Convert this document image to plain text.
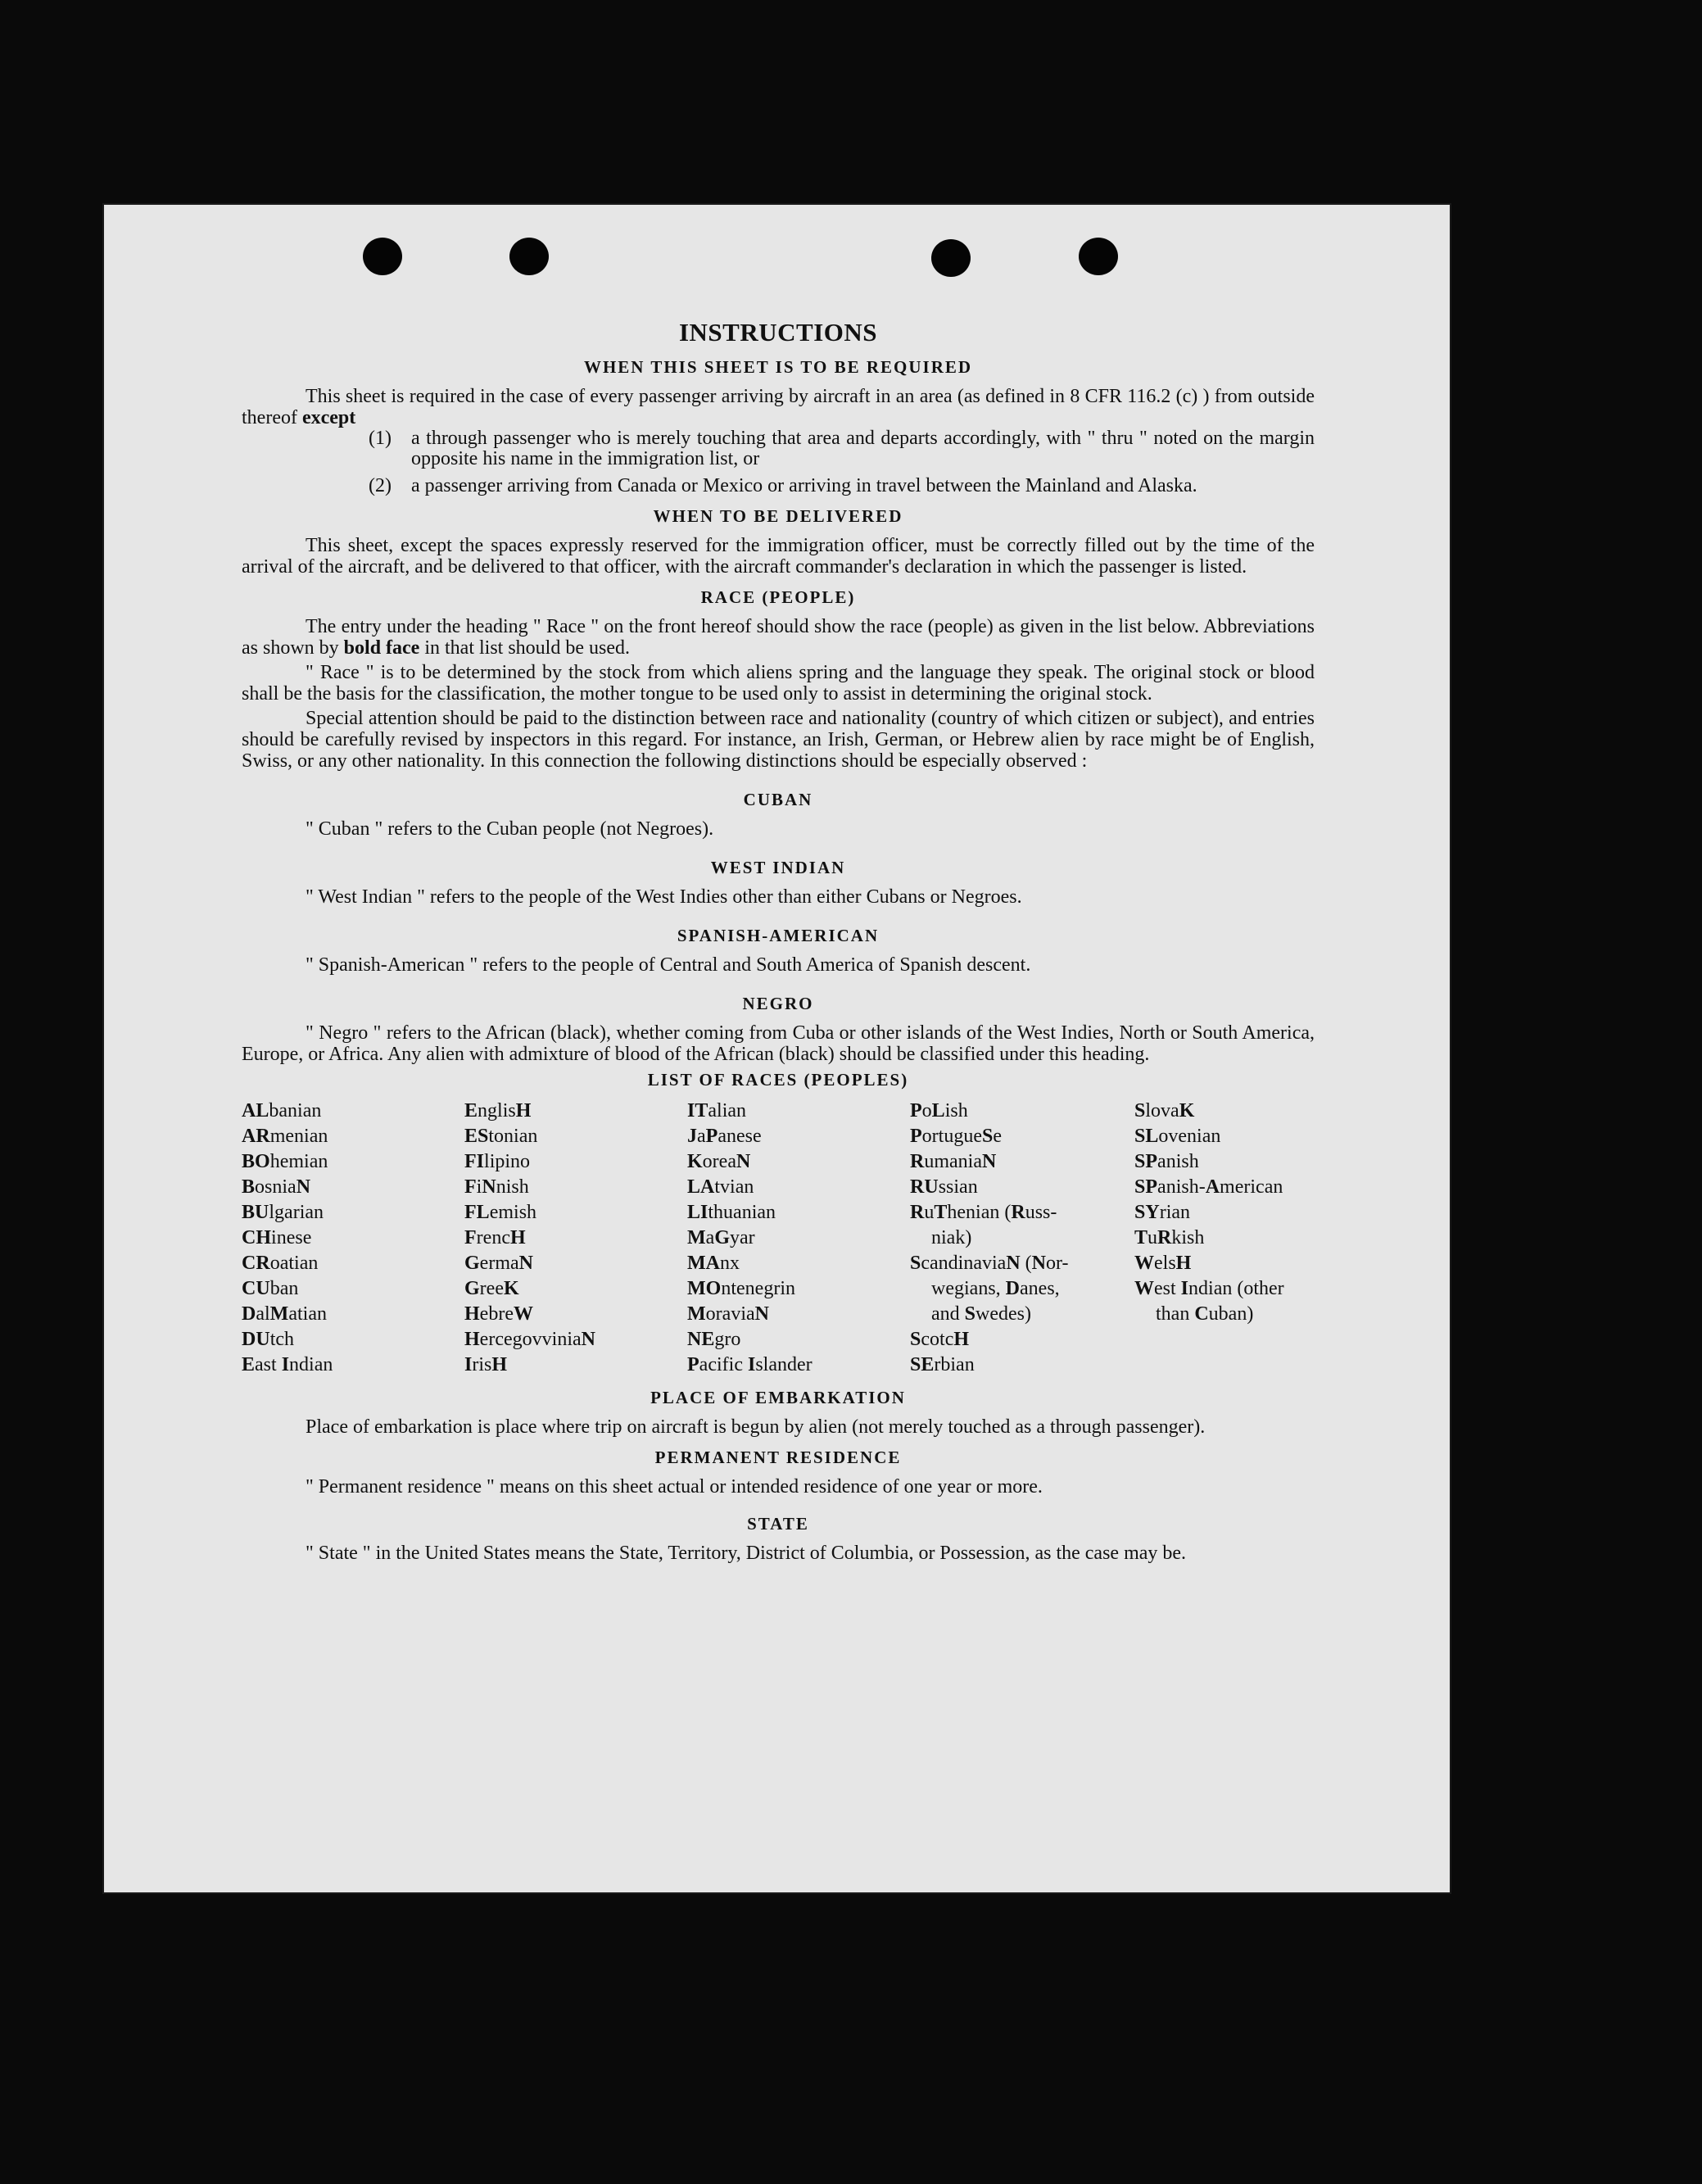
INSTRUCTIONS
WHEN THIS SHEET IS TO BE REQUIRED

This sheet is required in the case of every passenger arriving by aircraft in an area (as defined in 8 CFR 116.2 (c) ) from outside thereof except

(1)	a through passenger who is merely touching that area and departs accordingly, with " thru " noted on the margin opposite his name in the immigration list, or
(2)	a passenger arriving from Canada or Mexico or arriving in travel between the Mainland and Alaska.
WHEN TO BE DELIVERED

This sheet, except the spaces expressly reserved for the immigration officer, must be correctly filled out by the time of the arrival of the aircraft, and be delivered to that officer, with the aircraft commander's declaration in which the passenger is listed.

RACE (PEOPLE)

The entry under the heading " Race " on the front hereof should show the race (people) as given in the list below. Abbreviations as shown by bold face in that list should be used.

" Race " is to be determined by the stock from which aliens spring and the language they speak. The original stock or blood shall be the basis for the classification, the mother tongue to be used only to assist in determining the original stock.

Special attention should be paid to the distinction between race and nationality (country of which citizen or subject), and entries should be carefully revised by inspectors in this regard. For instance, an Irish, German, or Hebrew alien by race might be of English, Swiss, or any other nationality. In this connection the following distinctions should be especially observed :

CUBAN

" Cuban " refers to the Cuban people (not Negroes).

WEST INDIAN

" West Indian " refers to the people of the West Indies other than either Cubans or Negroes.

SPANISH-AMERICAN

" Spanish-American " refers to the people of Central and South America of Spanish descent.

NEGRO

" Negro " refers to the African (black), whether coming from Cuba or other islands of the West Indies, North or South America, Europe, or Africa. Any alien with admixture of blood of the African (black) should be classified under this heading.

LIST OF RACES (PEOPLES)
ALbanian
ARmenian
BOhemian
BosniaN
BUlgarian
CHinese
CRoatian
CUban
DalMatian
DUtch
East Indian
EnglisH
EStonian
FIlipino
FiNnish
FLemish
FrencH
GermaN
GreeK
HebreW
HercegovviniaN
IrisH
ITalian
JaPanese
KoreaN
LAtvian
LIthuanian
MaGyar
MAnx
MOntenegrin
MoraviaN
NEgro
Pacific Islander
PoLish
PortugueSe
RumaniaN
RUssian
RuThenian (Russ-
niak)
ScandinaviaN (Nor-
wegians, Danes,
and Swedes)
ScotcH
SErbian
SlovaK
SLovenian
SPanish
SPanish-American
SYrian
TuRkish
WelsH
West Indian (other
than Cuban)
PLACE OF EMBARKATION

Place of embarkation is place where trip on aircraft is begun by alien (not merely touched as a through passenger).

PERMANENT RESIDENCE

" Permanent residence " means on this sheet actual or intended residence of one year or more.

STATE

" State " in the United States means the State, Territory, District of Columbia, or Possession, as the case may be.
